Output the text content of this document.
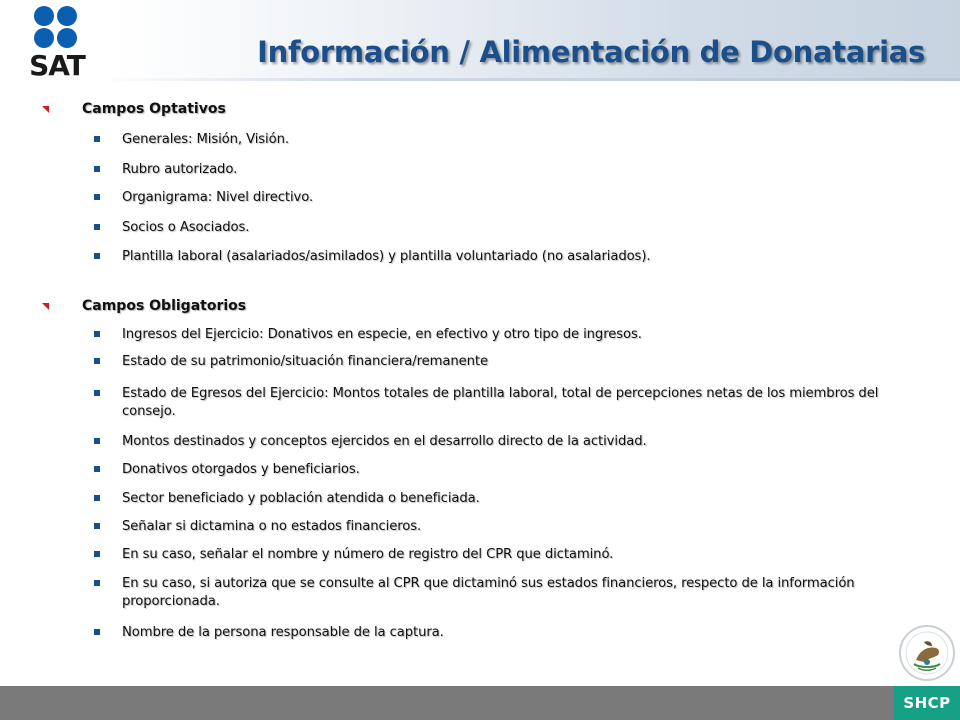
SAT	Información / Alimentación de Donatarias
Campos Optativos
Generales: Misión, Visión.
Rubro autorizado.
Organigrama: Nivel directivo.
Socios o Asociados.
Plantilla laboral (asalariados/asimilados) y plantilla voluntariado (no asalariados).
Campos Obligatorios
Ingresos del Ejercicio: Donativos en especie, en efectivo y otro tipo de ingresos.
Estado de su patrimonio/situación financiera/remanente
Estado de Egresos del Ejercicio: Montos totales de plantilla laboral, total de percepciones netas de los miembros del consejo.
Montos destinados y conceptos ejercidos en el desarrollo directo de la actividad.
Donativos otorgados y beneficiarios.
Sector beneficiado y población atendida o beneficiada.
Señalar si dictamina o no estados financieros.
En su caso, señalar el nombre y número de registro del CPR que dictaminó.
En su caso, si autoriza que se consulte al CPR que dictaminó sus estados financieros, respecto de la información proporcionada.
Nombre de la persona responsable de la captura.
SHCP
